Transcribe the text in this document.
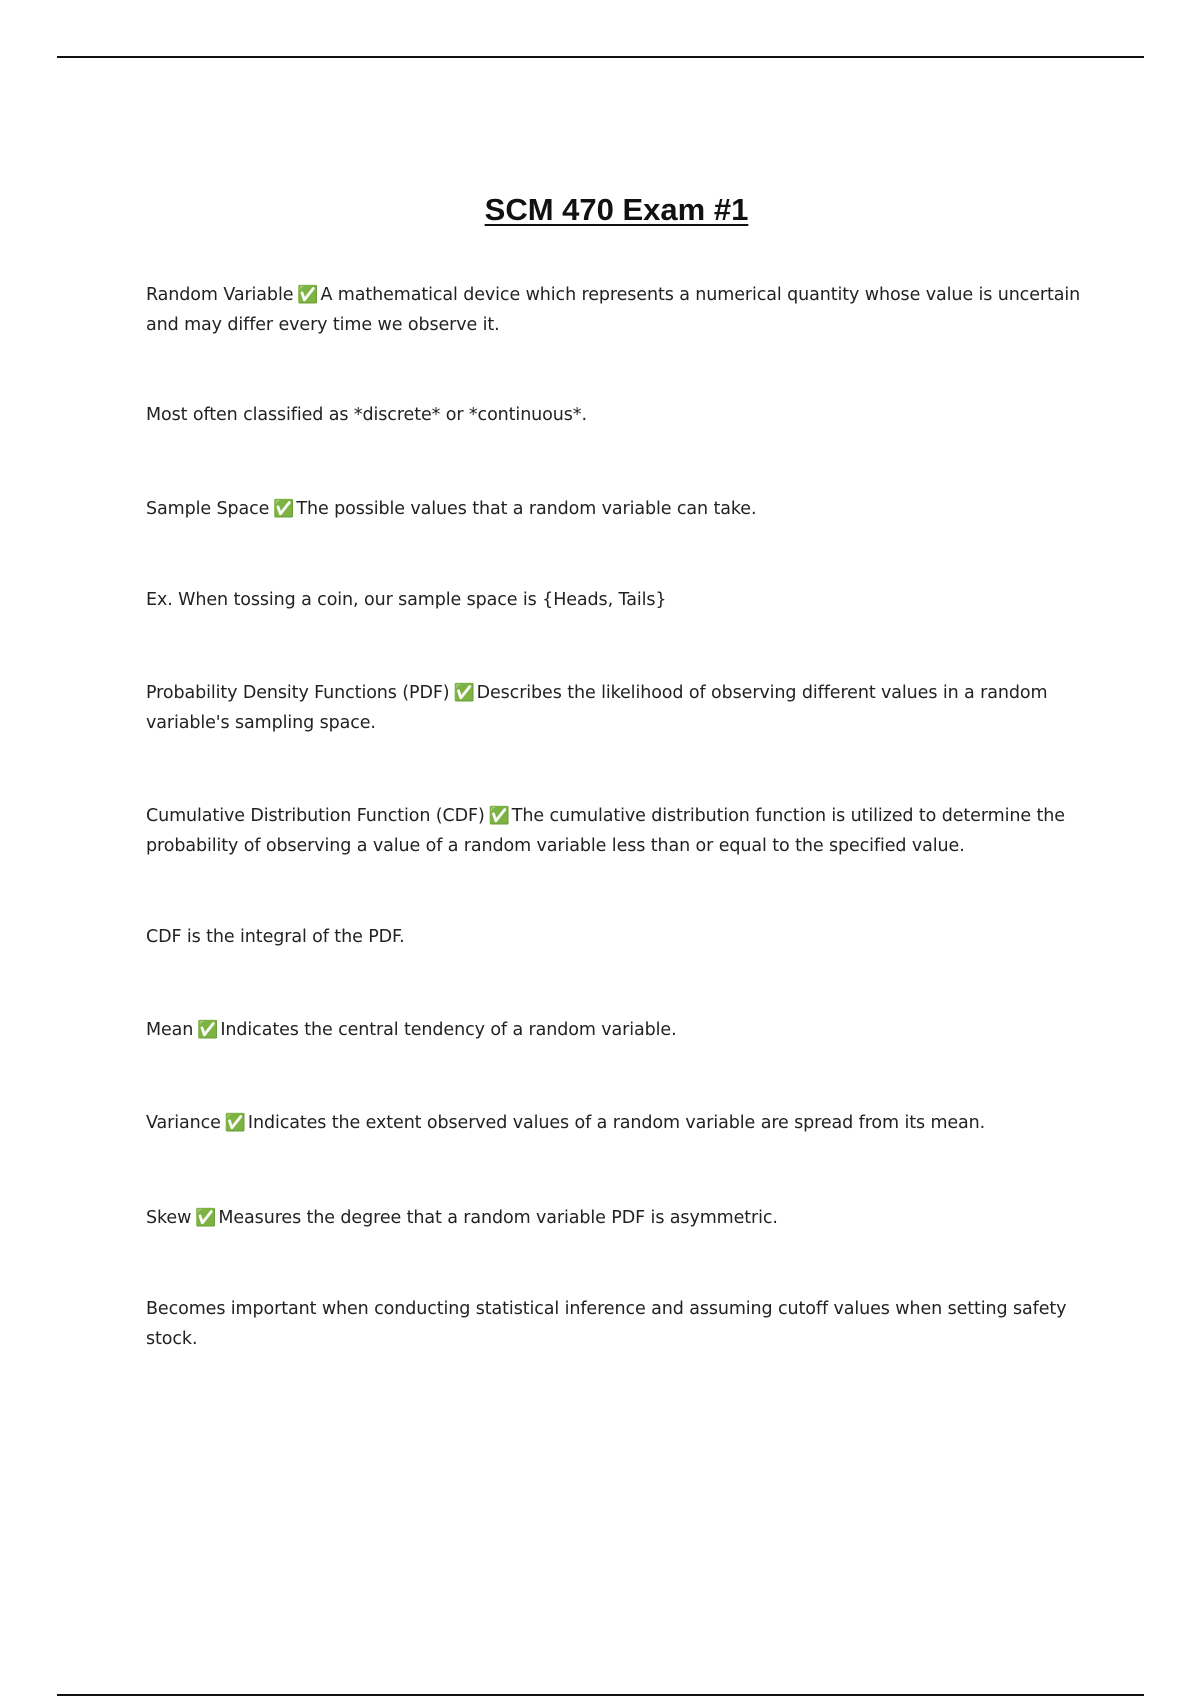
SCM 470 Exam #1

Random Variable ✅ A mathematical device which represents a numerical quantity whose value is uncertain and may differ every time we observe it.

Most often classified as *discrete* or *continuous*.

Sample Space ✅ The possible values that a random variable can take.

Ex. When tossing a coin, our sample space is {Heads, Tails}

Probability Density Functions (PDF) ✅ Describes the likelihood of observing different values in a random variable's sampling space.

Cumulative Distribution Function (CDF) ✅ The cumulative distribution function is utilized to determine the probability of observing a value of a random variable less than or equal to the specified value.

CDF is the integral of the PDF.

Mean ✅ Indicates the central tendency of a random variable.

Variance ✅ Indicates the extent observed values of a random variable are spread from its mean.

Skew ✅ Measures the degree that a random variable PDF is asymmetric.

Becomes important when conducting statistical inference and assuming cutoff values when setting safety stock.
